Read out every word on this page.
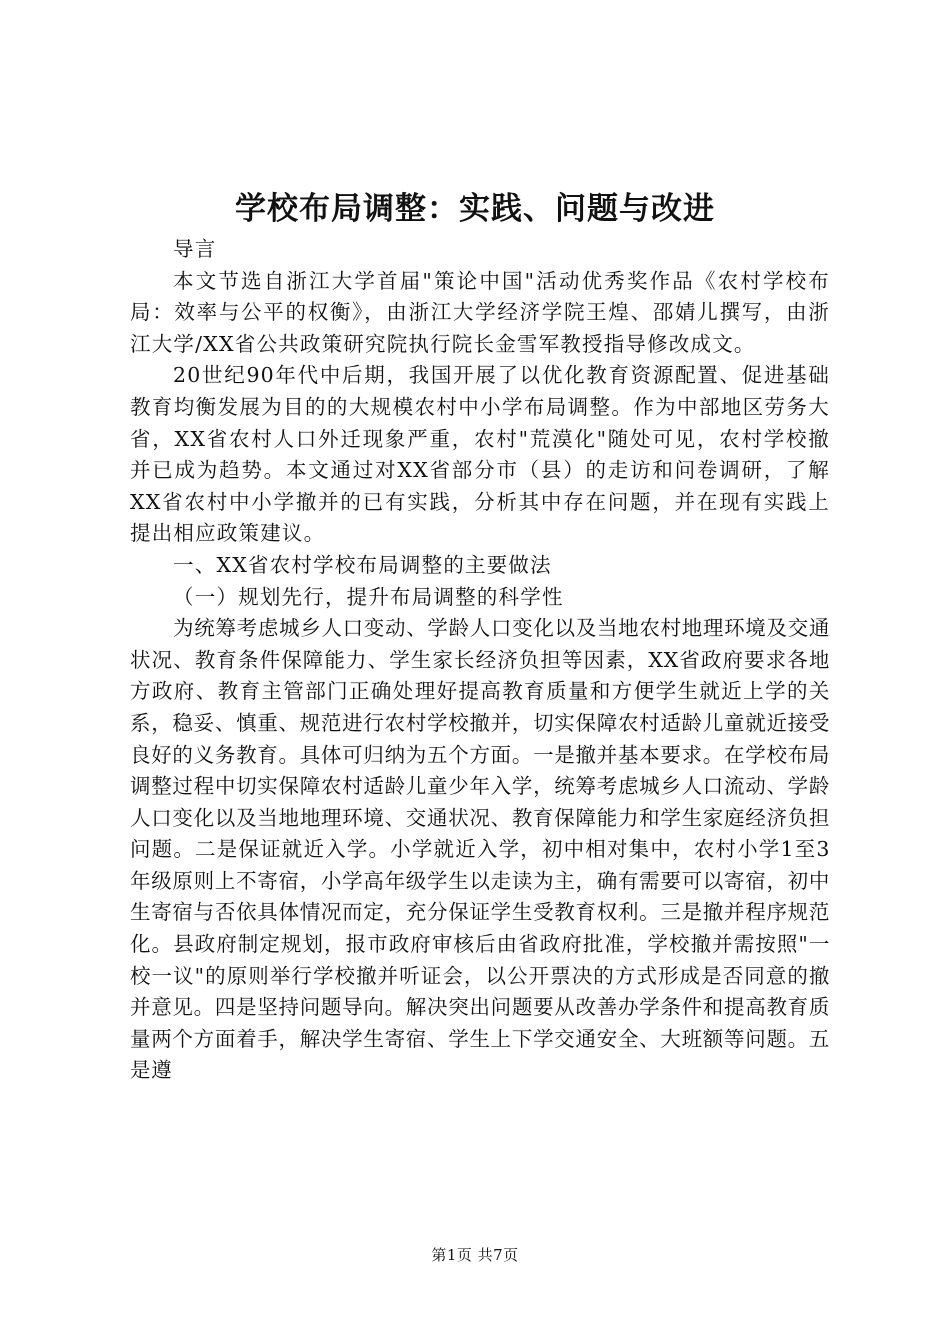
学校布局调整：实践、问题与改进

导言

本文节选自浙江大学首届"策论中国"活动优秀奖作品《农村学校布局：效率与公平的权衡》，由浙江大学经济学院王煌、邵婧儿撰写，由浙江大学/XX省公共政策研究院执行院长金雪军教授指导修改成文。

20世纪90年代中后期，我国开展了以优化教育资源配置、促进基础教育均衡发展为目的的大规模农村中小学布局调整。作为中部地区劳务大省，XX省农村人口外迁现象严重，农村"荒漠化"随处可见，农村学校撤并已成为趋势。本文通过对XX省部分市（县）的走访和问卷调研，了解XX省农村中小学撤并的已有实践，分析其中存在问题，并在现有实践上提出相应政策建议。

一、XX省农村学校布局调整的主要做法

（一）规划先行，提升布局调整的科学性

为统筹考虑城乡人口变动、学龄人口变化以及当地农村地理环境及交通状况、教育条件保障能力、学生家长经济负担等因素，XX省政府要求各地方政府、教育主管部门正确处理好提高教育质量和方便学生就近上学的关系，稳妥、慎重、规范进行农村学校撤并，切实保障农村适龄儿童就近接受良好的义务教育。具体可归纳为五个方面。一是撤并基本要求。在学校布局调整过程中切实保障农村适龄儿童少年入学，统筹考虑城乡人口流动、学龄人口变化以及当地地理环境、交通状况、教育保障能力和学生家庭经济负担问题。二是保证就近入学。小学就近入学，初中相对集中，农村小学1至3年级原则上不寄宿，小学高年级学生以走读为主，确有需要可以寄宿，初中生寄宿与否依具体情况而定，充分保证学生受教育权利。三是撤并程序规范化。县政府制定规划，报市政府审核后由省政府批准，学校撤并需按照"一校一议"的原则举行学校撤并听证会，以公开票决的方式形成是否同意的撤并意见。四是坚持问题导向。解决突出问题要从改善办学条件和提高教育质量两个方面着手，解决学生寄宿、学生上下学交通安全、大班额等问题。五是遵

第1页 共7页
